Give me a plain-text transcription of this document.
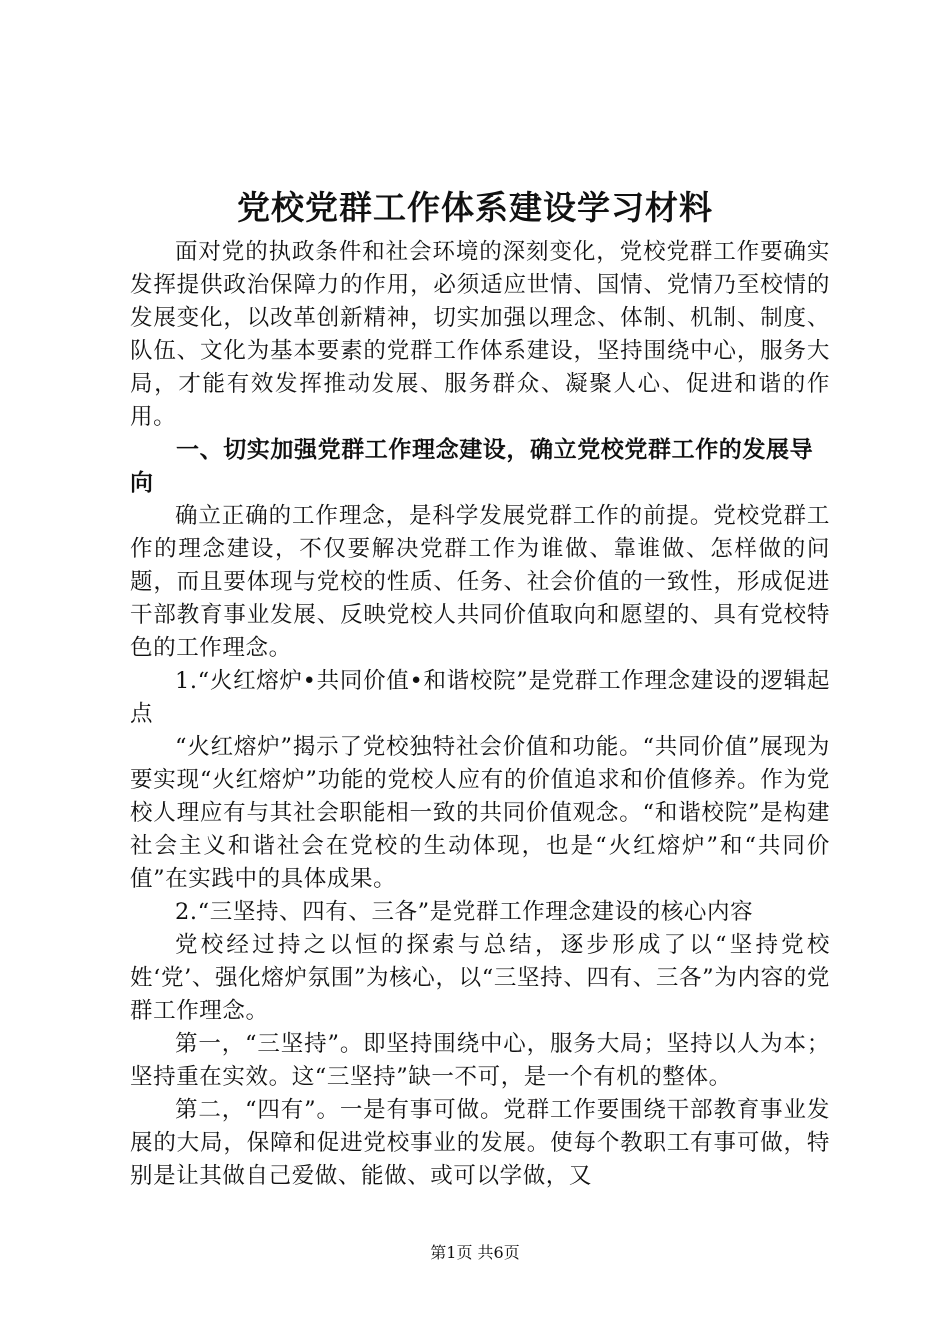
党校党群工作体系建设学习材料

面对党的执政条件和社会环境的深刻变化，党校党群工作要确实发挥提供政治保障力的作用，必须适应世情、国情、党情乃至校情的发展变化，以改革创新精神，切实加强以理念、体制、机制、制度、队伍、文化为基本要素的党群工作体系建设，坚持围绕中心，服务大局，才能有效发挥推动发展、服务群众、凝聚人心、促进和谐的作用。

一、切实加强党群工作理念建设，确立党校党群工作的发展导向

确立正确的工作理念，是科学发展党群工作的前提。党校党群工作的理念建设，不仅要解决党群工作为谁做、靠谁做、怎样做的问题，而且要体现与党校的性质、任务、社会价值的一致性，形成促进干部教育事业发展、反映党校人共同价值取向和愿望的、具有党校特色的工作理念。

1.“火红熔炉•共同价值•和谐校院”是党群工作理念建设的逻辑起点

“火红熔炉”揭示了党校独特社会价值和功能。“共同价值”展现为要实现“火红熔炉”功能的党校人应有的价值追求和价值修养。作为党校人理应有与其社会职能相一致的共同价值观念。“和谐校院”是构建社会主义和谐社会在党校的生动体现，也是“火红熔炉”和“共同价值”在实践中的具体成果。

2.“三坚持、四有、三各”是党群工作理念建设的核心内容

党校经过持之以恒的探索与总结，逐步形成了以“坚持党校姓‘党’、强化熔炉氛围”为核心，以“三坚持、四有、三各”为内容的党群工作理念。

第一，“三坚持”。即坚持围绕中心，服务大局；坚持以人为本；坚持重在实效。这“三坚持”缺一不可，是一个有机的整体。

第二，“四有”。一是有事可做。党群工作要围绕干部教育事业发展的大局，保障和促进党校事业的发展。使每个教职工有事可做，特别是让其做自己爱做、能做、或可以学做，又

第1页 共6页
